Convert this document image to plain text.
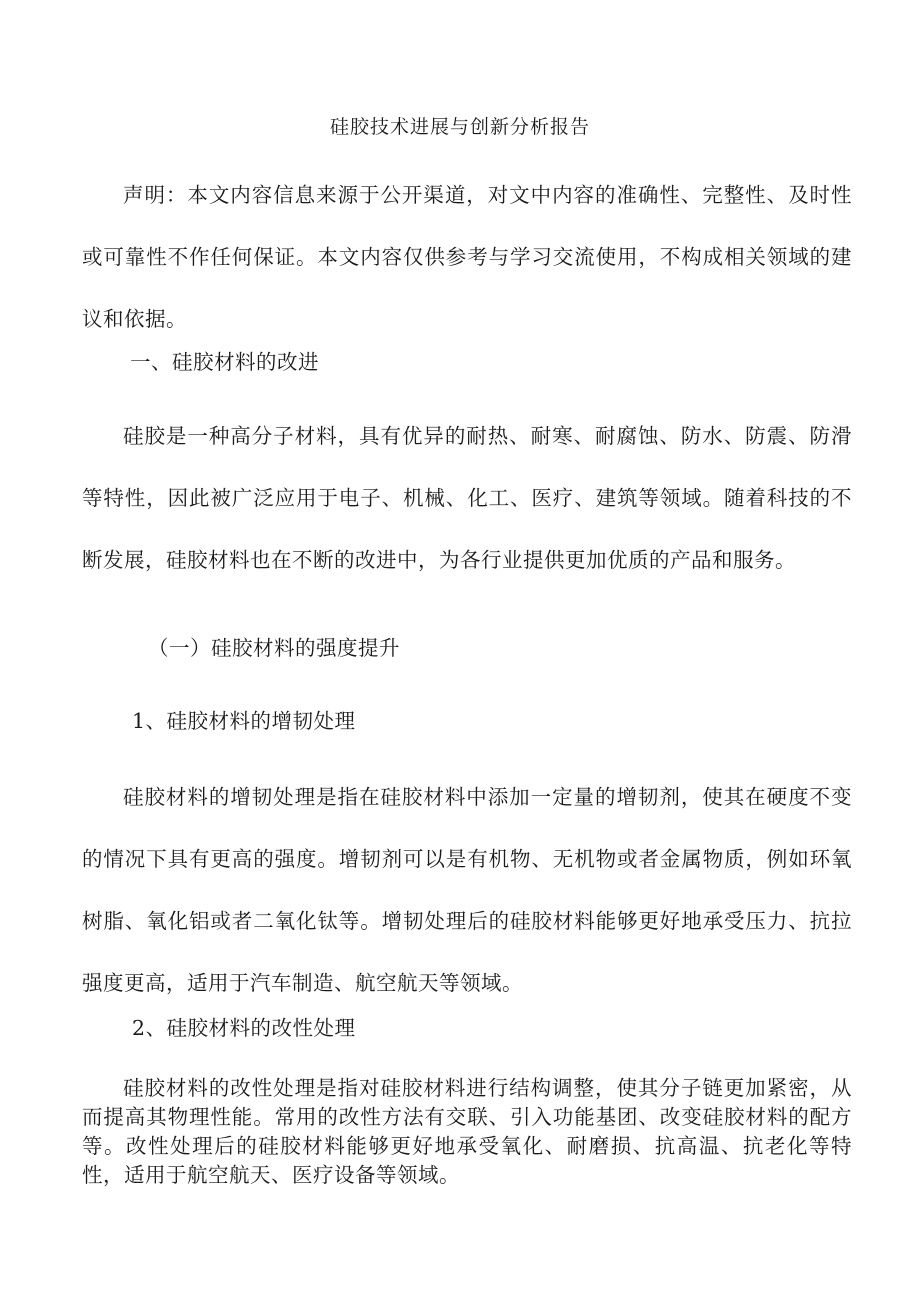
硅胶技术进展与创新分析报告

声明：本文内容信息来源于公开渠道，对文中内容的准确性、完整性、及时性或可靠性不作任何保证。本文内容仅供参考与学习交流使用，不构成相关领域的建议和依据。

一、硅胶材料的改进

硅胶是一种高分子材料，具有优异的耐热、耐寒、耐腐蚀、防水、防震、防滑等特性，因此被广泛应用于电子、机械、化工、医疗、建筑等领域。随着科技的不断发展，硅胶材料也在不断的改进中，为各行业提供更加优质的产品和服务。

（一）硅胶材料的强度提升
1、硅胶材料的增韧处理

硅胶材料的增韧处理是指在硅胶材料中添加一定量的增韧剂，使其在硬度不变的情况下具有更高的强度。增韧剂可以是有机物、无机物或者金属物质，例如环氧树脂、氧化铝或者二氧化钛等。增韧处理后的硅胶材料能够更好地承受压力、抗拉强度更高，适用于汽车制造、航空航天等领域。

2、硅胶材料的改性处理

硅胶材料的改性处理是指对硅胶材料进行结构调整，使其分子链更加紧密，从而提高其物理性能。常用的改性方法有交联、引入功能基团、改变硅胶材料的配方等。改性处理后的硅胶材料能够更好地承受氧化、耐磨损、抗高温、抗老化等特性，适用于航空航天、医疗设备等领域。
